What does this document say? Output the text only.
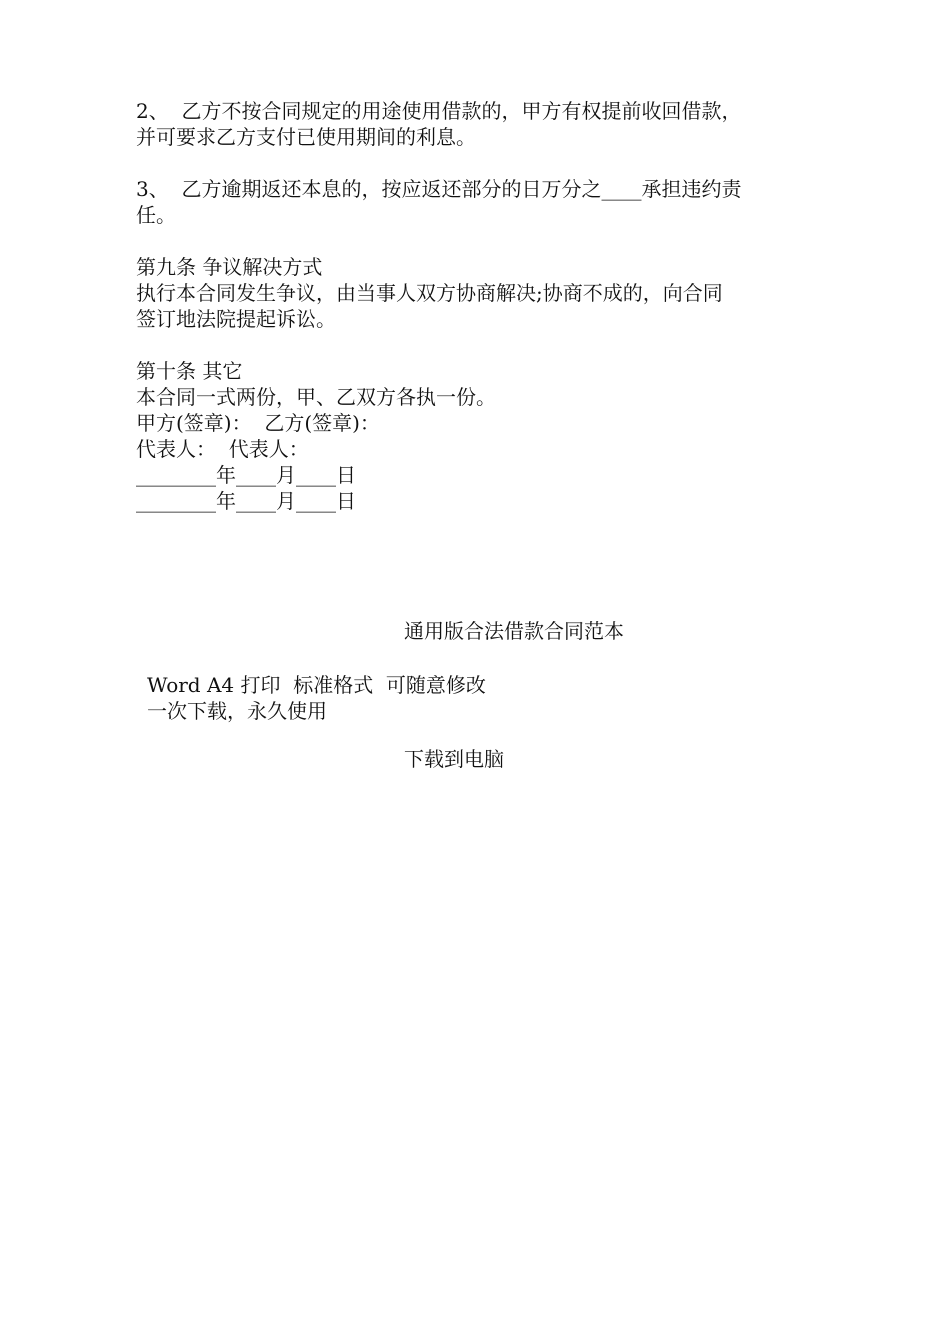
2、  乙方不按合同规定的用途使用借款的，甲方有权提前收回借款，

并可要求乙方支付已使用期间的利息。

3、  乙方逾期返还本息的，按应返还部分的日万分之____承担违约责

任。

第九条 争议解决方式

执行本合同发生争议，由当事人双方协商解决;协商不成的，向合同

签订地法院提起诉讼。

第十条 其它

本合同一式两份，甲、乙双方各执一份。

甲方(签章)：  乙方(签章)：

代表人：  代表人：

________年____月____日

________年____月____日

通用版合法借款合同范本
Word A4 打印  标准格式  可随意修改
一次下载，永久使用
下载到电脑
